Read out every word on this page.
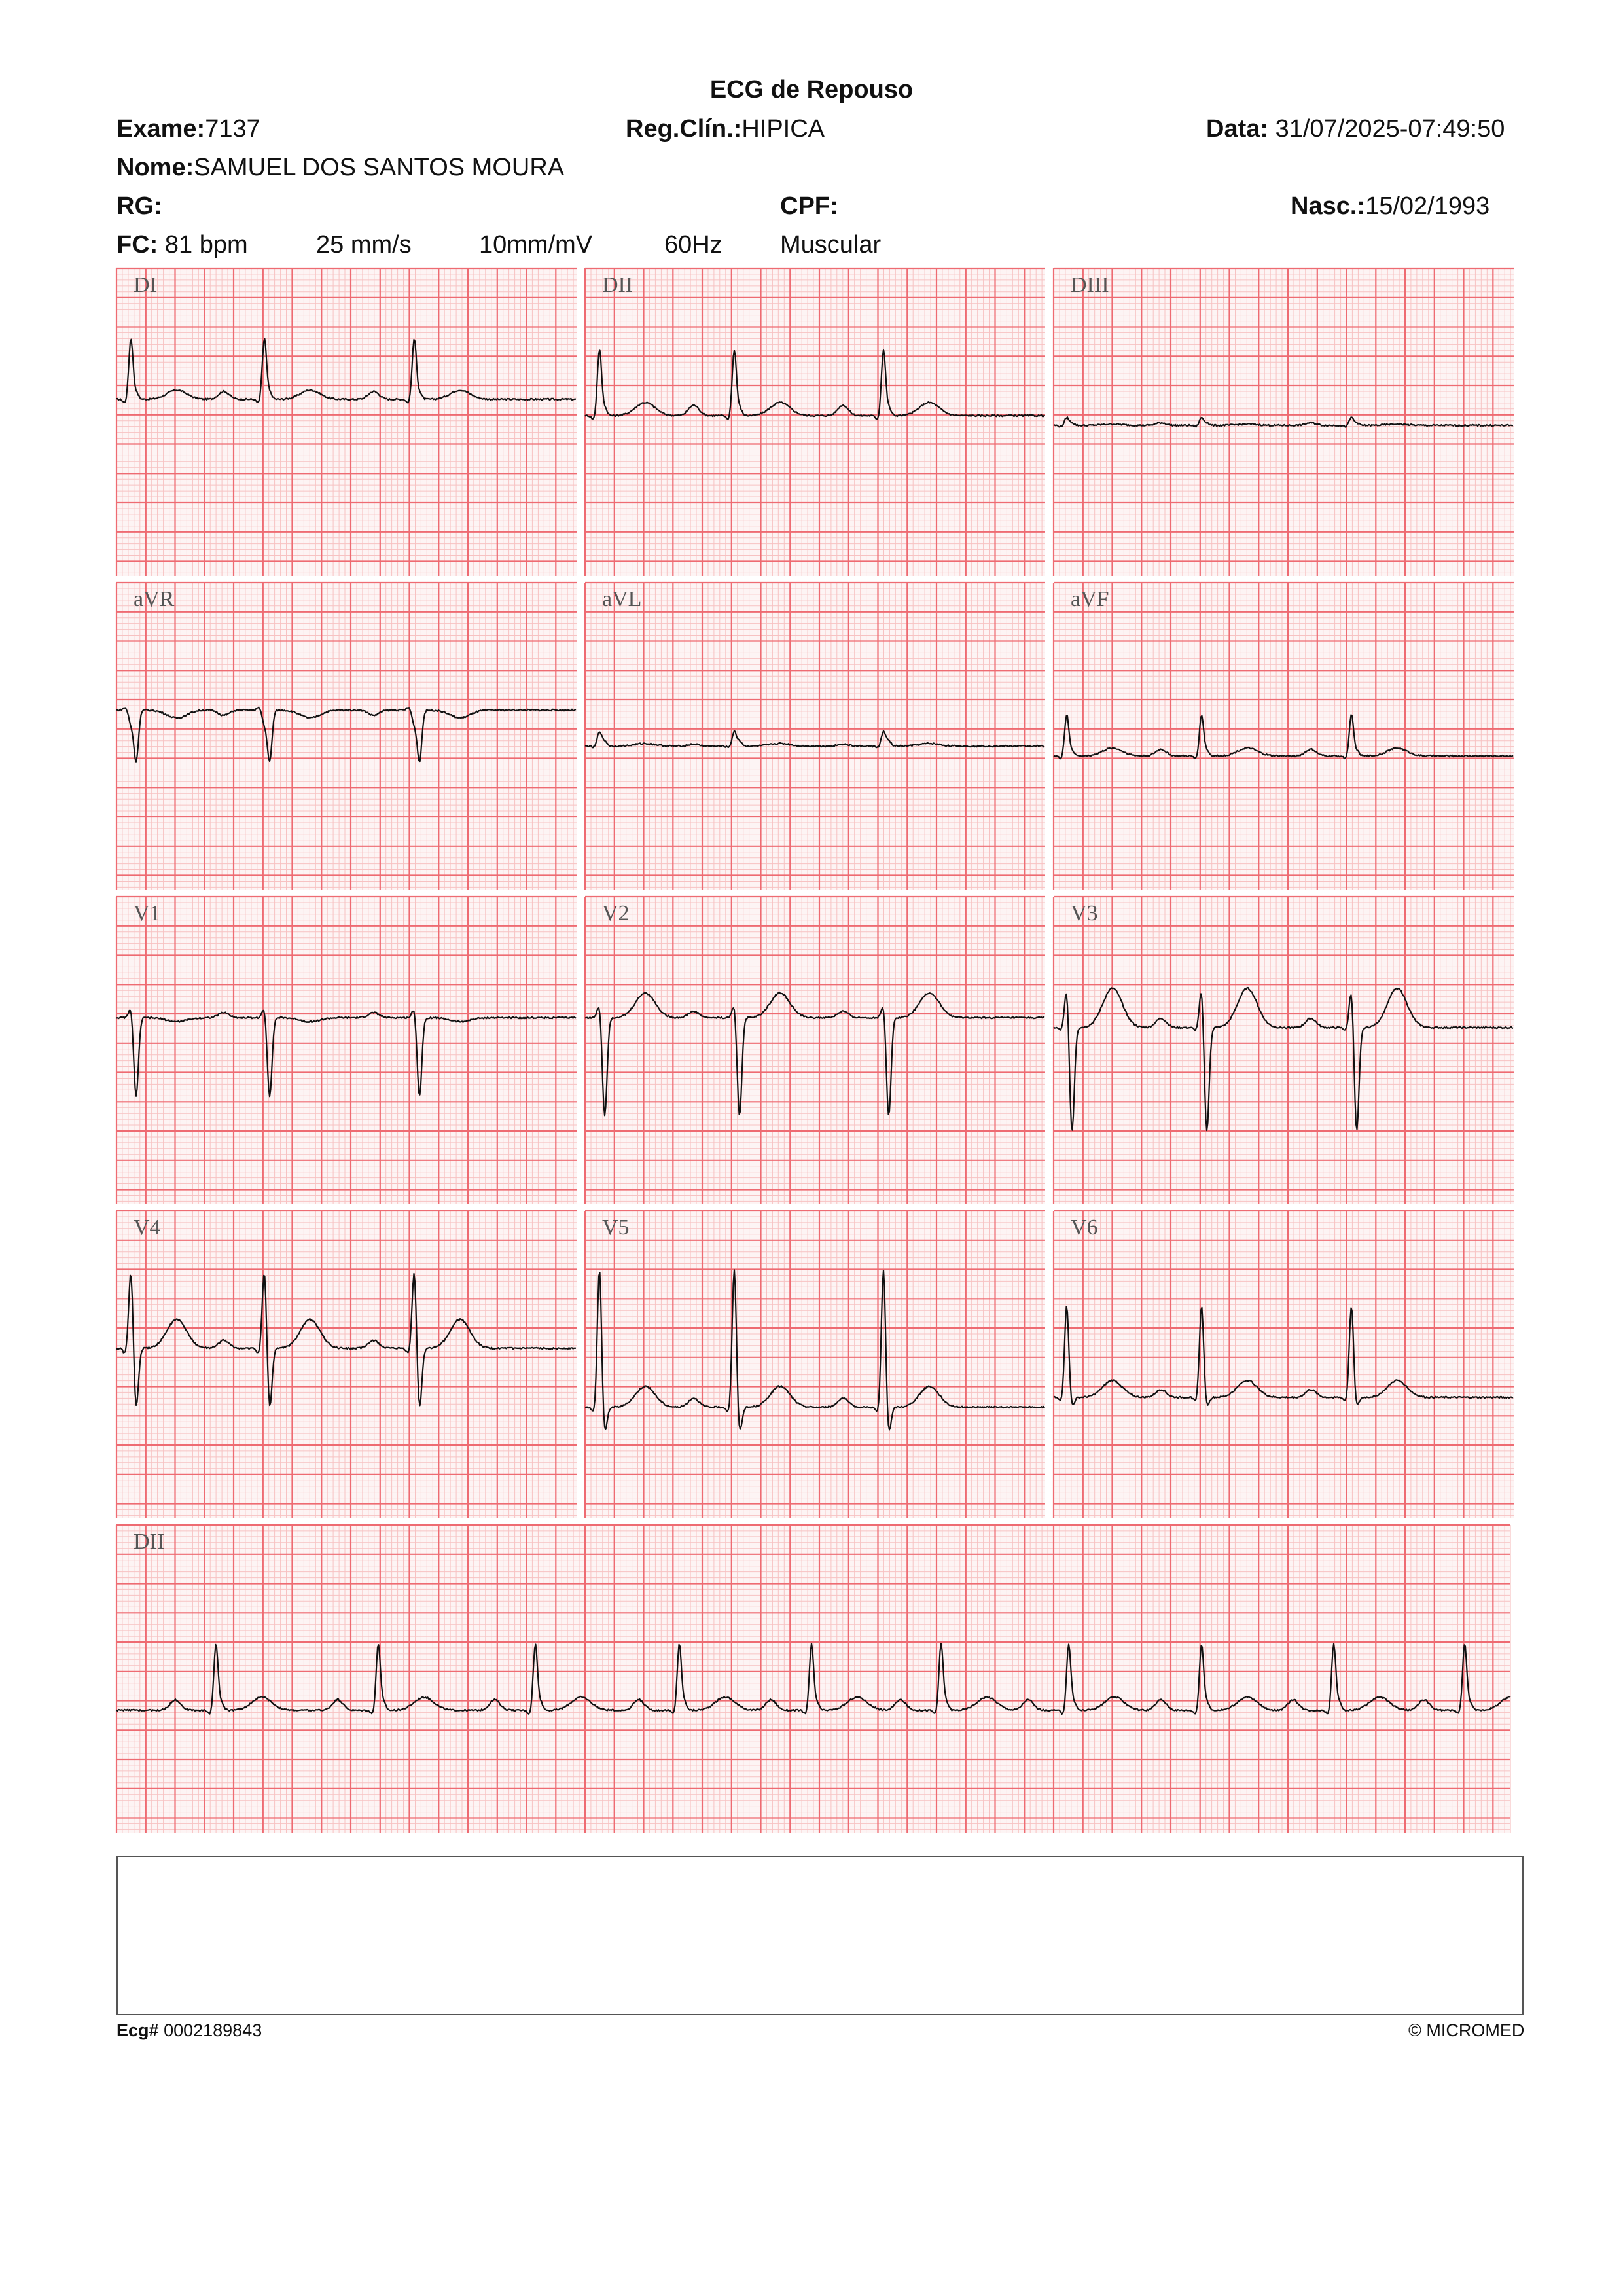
ECG de Repouso
Exame:7137	Reg.Clín.:HIPICA	Data: 31/07/2025-07:49:50
Nome:SAMUEL DOS SANTOS MOURA
RG:	CPF:	Nasc.:15/02/1993
FC: 81 bpm	25 mm/s	10mm/mV	60Hz Muscular
DI	DII	DIII
aVR	aVL	aVF
V1	V2	V3
V4	V5	V6
DII
Ecg# 0002189843	© MICROMED
